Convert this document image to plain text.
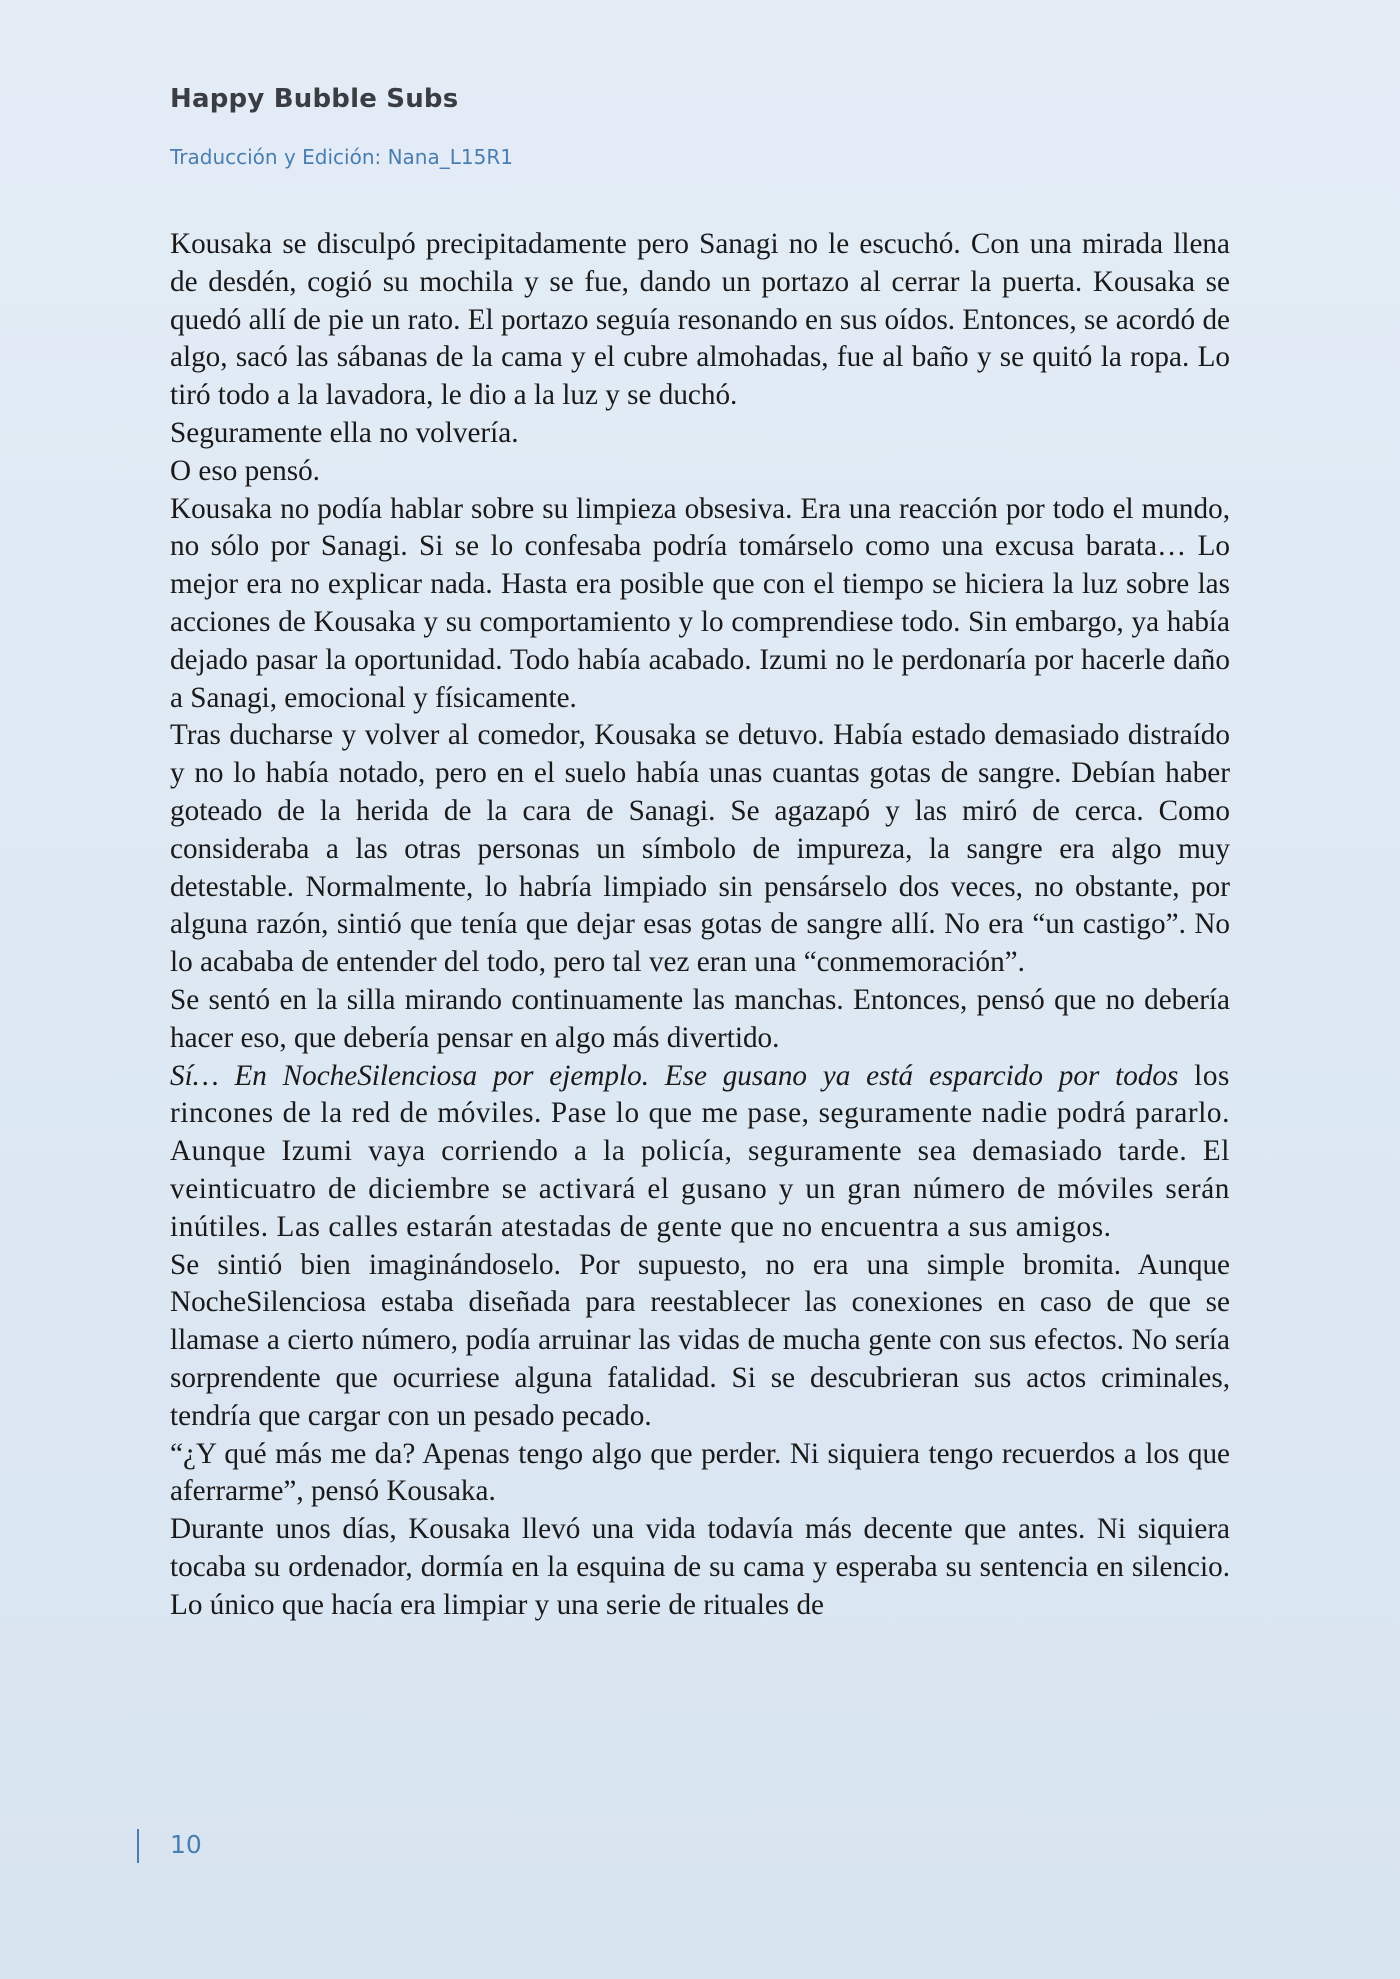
Happy Bubble Subs

Traducción y Edición: Nana_L15R1

Kousaka se disculpó precipitadamente pero Sanagi no le escuchó. Con una mirada llena de desdén, cogió su mochila y se fue, dando un portazo al cerrar la puerta. Kousaka se quedó allí de pie un rato. El portazo seguía resonando en sus oídos. Entonces, se acordó de algo, sacó las sábanas de la cama y el cubre almohadas, fue al baño y se quitó la ropa. Lo tiró todo a la lavadora, le dio a la luz y se duchó.

Seguramente ella no volvería.

O eso pensó.

Kousaka no podía hablar sobre su limpieza obsesiva. Era una reacción por todo el mundo, no sólo por Sanagi. Si se lo confesaba podría tomárselo como una excusa barata… Lo mejor era no explicar nada. Hasta era posible que con el tiempo se hiciera la luz sobre las acciones de Kousaka y su comportamiento y lo comprendiese todo. Sin embargo, ya había dejado pasar la oportunidad. Todo había acabado. Izumi no le perdonaría por hacerle daño a Sanagi, emocional y físicamente.

Tras ducharse y volver al comedor, Kousaka se detuvo. Había estado demasiado distraído y no lo había notado, pero en el suelo había unas cuantas gotas de sangre. Debían haber goteado de la herida de la cara de Sanagi. Se agazapó y las miró de cerca. Como consideraba a las otras personas un símbolo de impureza, la sangre era algo muy detestable. Normalmente, lo habría limpiado sin pensárselo dos veces, no obstante, por alguna razón, sintió que tenía que dejar esas gotas de sangre allí. No era “un castigo”. No lo acababa de entender del todo, pero tal vez eran una “conmemoración”.

Se sentó en la silla mirando continuamente las manchas. Entonces, pensó que no debería hacer eso, que debería pensar en algo más divertido.

Sí… En NocheSilenciosa por ejemplo. Ese gusano ya está esparcido por todos los rincones de la red de móviles. Pase lo que me pase, seguramente nadie podrá pararlo. Aunque Izumi vaya corriendo a la policía, seguramente sea demasiado tarde. El veinticuatro de diciembre se activará el gusano y un gran número de móviles serán inútiles. Las calles estarán atestadas de gente que no encuentra a sus amigos.

Se sintió bien imaginándoselo. Por supuesto, no era una simple bromita. Aunque NocheSilenciosa estaba diseñada para reestablecer las conexiones en caso de que se llamase a cierto número, podía arruinar las vidas de mucha gente con sus efectos. No sería sorprendente que ocurriese alguna fatalidad. Si se descubrieran sus actos criminales, tendría que cargar con un pesado pecado.

“¿Y qué más me da? Apenas tengo algo que perder. Ni siquiera tengo recuerdos a los que aferrarme”, pensó Kousaka.

Durante unos días, Kousaka llevó una vida todavía más decente que antes. Ni siquiera tocaba su ordenador, dormía en la esquina de su cama y esperaba su sentencia en silencio. Lo único que hacía era limpiar y una serie de rituales de

10
